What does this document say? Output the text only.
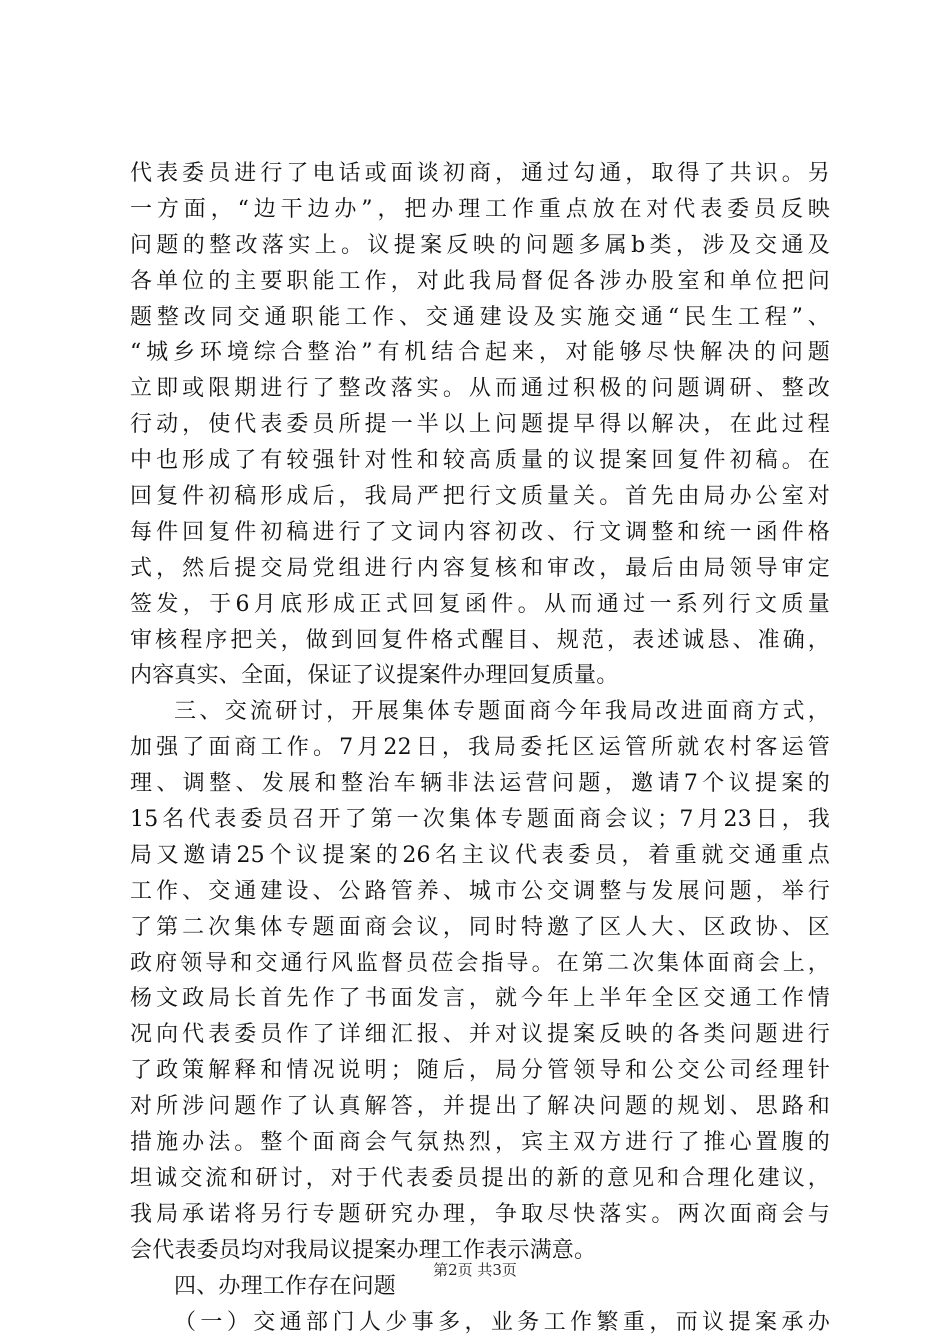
代表委员进行了电话或面谈初商，通过勾通，取得了共识。另
一方面，“边干边办”，把办理工作重点放在对代表委员反映
问题的整改落实上。议提案反映的问题多属b类，涉及交通及
各单位的主要职能工作，对此我局督促各涉办股室和单位把问
题整改同交通职能工作、交通建设及实施交通“民生工程”、
“城乡环境综合整治”有机结合起来，对能够尽快解决的问题
立即或限期进行了整改落实。从而通过积极的问题调研、整改
行动，使代表委员所提一半以上问题提早得以解决，在此过程
中也形成了有较强针对性和较高质量的议提案回复件初稿。在
回复件初稿形成后，我局严把行文质量关。首先由局办公室对
每件回复件初稿进行了文词内容初改、行文调整和统一函件格
式，然后提交局党组进行内容复核和审改，最后由局领导审定
签发，于6月底形成正式回复函件。从而通过一系列行文质量
审核程序把关，做到回复件格式醒目、规范，表述诚恳、准确，
内容真实、全面，保证了议提案件办理回复质量。
三、交流研讨，开展集体专题面商今年我局改进面商方式，
加强了面商工作。7月22日，我局委托区运管所就农村客运管
理、调整、发展和整治车辆非法运营问题，邀请7个议提案的
15名代表委员召开了第一次集体专题面商会议；7月23日，我
局又邀请25个议提案的26名主议代表委员，着重就交通重点
工作、交通建设、公路管养、城市公交调整与发展问题，举行
了第二次集体专题面商会议，同时特邀了区人大、区政协、区
政府领导和交通行风监督员莅会指导。在第二次集体面商会上，
杨文政局长首先作了书面发言，就今年上半年全区交通工作情
况向代表委员作了详细汇报、并对议提案反映的各类问题进行
了政策解释和情况说明；随后，局分管领导和公交公司经理针
对所涉问题作了认真解答，并提出了解决问题的规划、思路和
措施办法。整个面商会气氛热烈，宾主双方进行了推心置腹的
坦诚交流和研讨，对于代表委员提出的新的意见和合理化建议，
我局承诺将另行专题研究办理，争取尽快落实。两次面商会与
会代表委员均对我局议提案办理工作表示满意。
四、办理工作存在问题
（一）交通部门人少事多，业务工作繁重，而议提案承办
第2页 共3页
